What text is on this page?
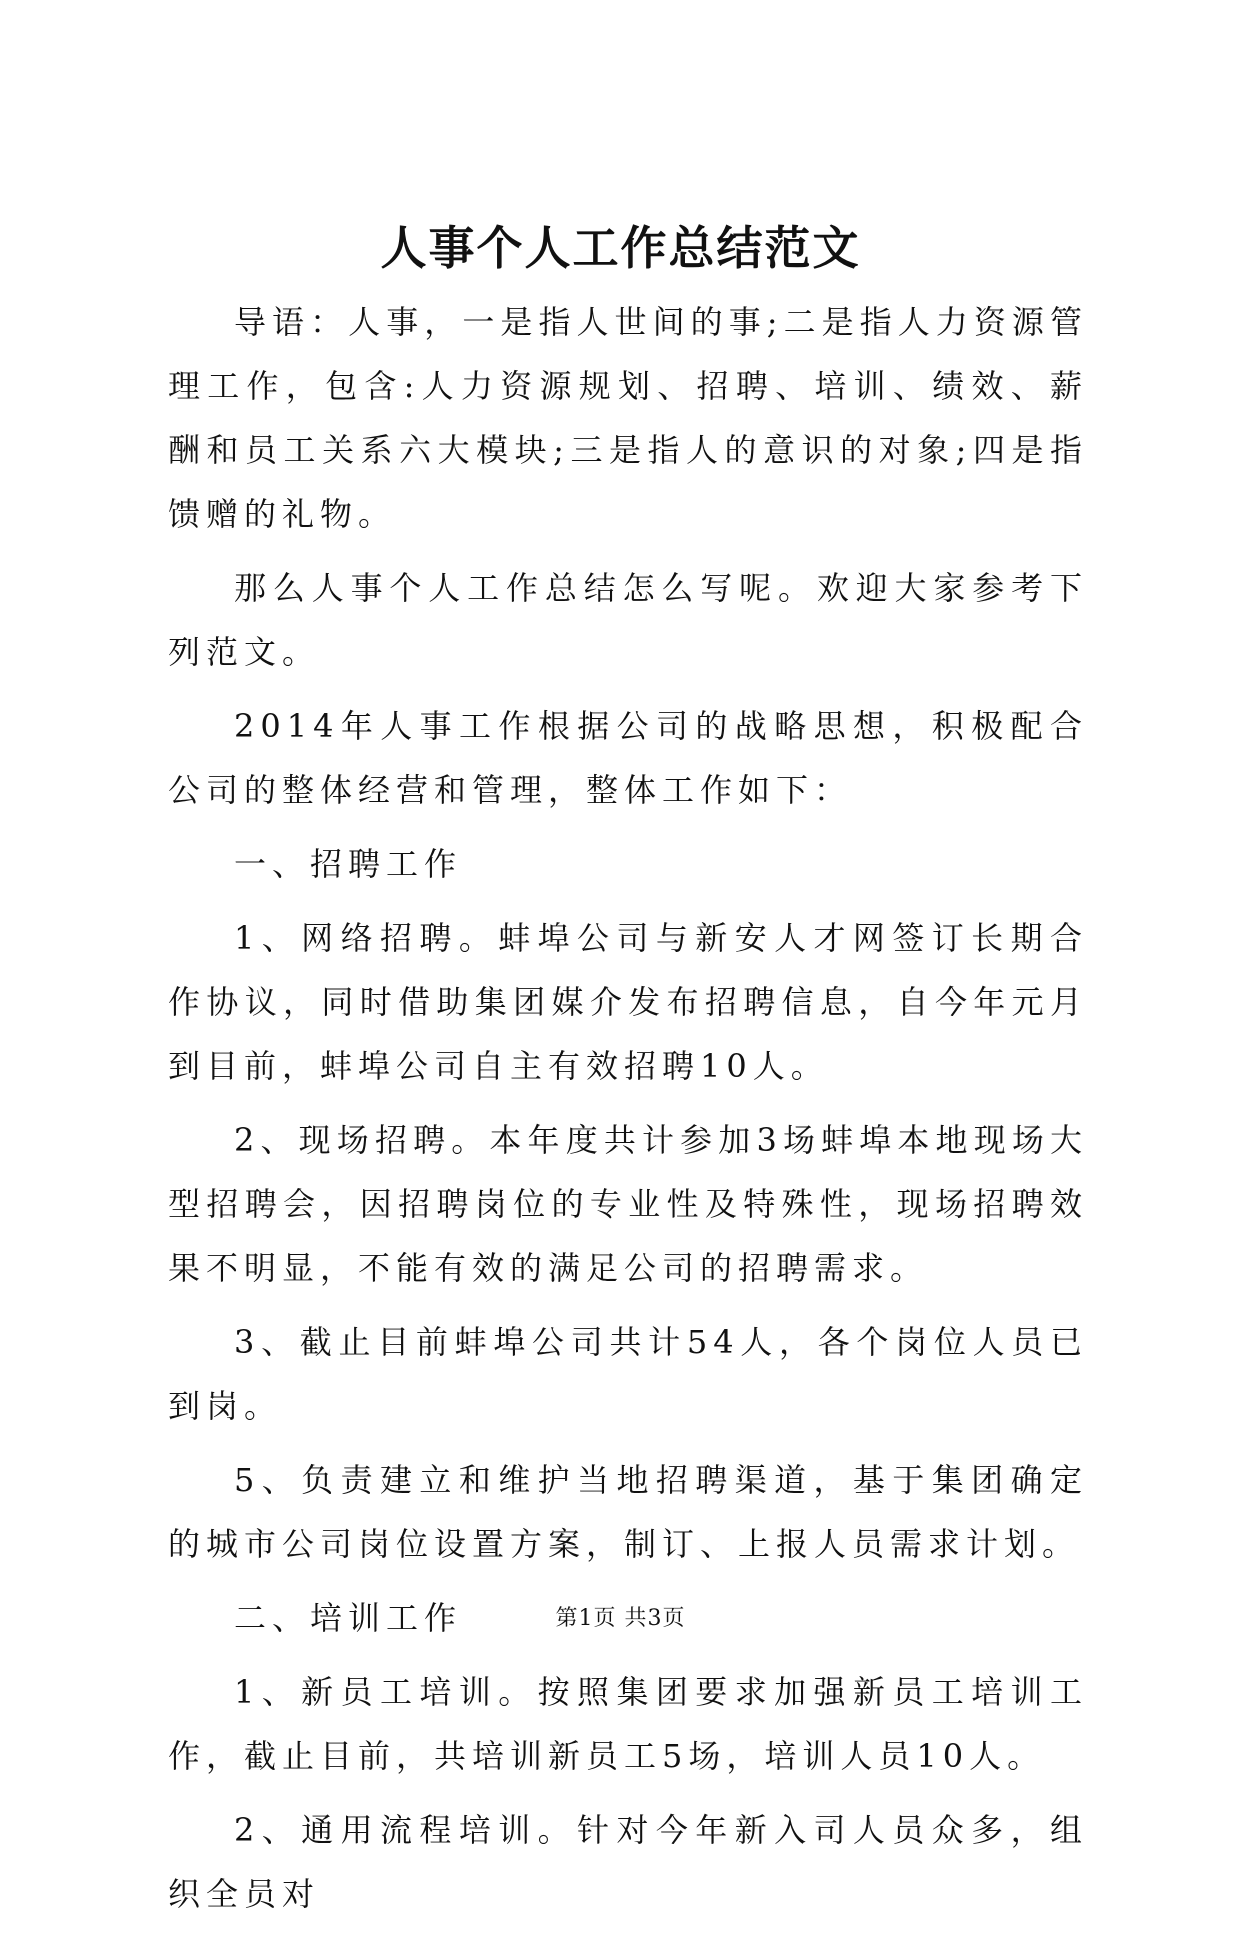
人事个人工作总结范文

导语：人事，一是指人世间的事;二是指人力资源管理工作，包含:人力资源规划、招聘、培训、绩效、薪酬和员工关系六大模块;三是指人的意识的对象;四是指馈赠的礼物。

那么人事个人工作总结怎么写呢。欢迎大家参考下列范文。

2014年人事工作根据公司的战略思想，积极配合公司的整体经营和管理，整体工作如下：

一、招聘工作

1、网络招聘。蚌埠公司与新安人才网签订长期合作协议，同时借助集团媒介发布招聘信息，自今年元月到目前，蚌埠公司自主有效招聘10人。

2、现场招聘。本年度共计参加3场蚌埠本地现场大型招聘会，因招聘岗位的专业性及特殊性，现场招聘效果不明显，不能有效的满足公司的招聘需求。

3、截止目前蚌埠公司共计54人，各个岗位人员已到岗。

5、负责建立和维护当地招聘渠道，基于集团确定的城市公司岗位设置方案，制订、上报人员需求计划。

二、培训工作

1、新员工培训。按照集团要求加强新员工培训工作，截止目前，共培训新员工5场，培训人员10人。

2、通用流程培训。针对今年新入司人员众多，组织全员对

第1页 共3页
